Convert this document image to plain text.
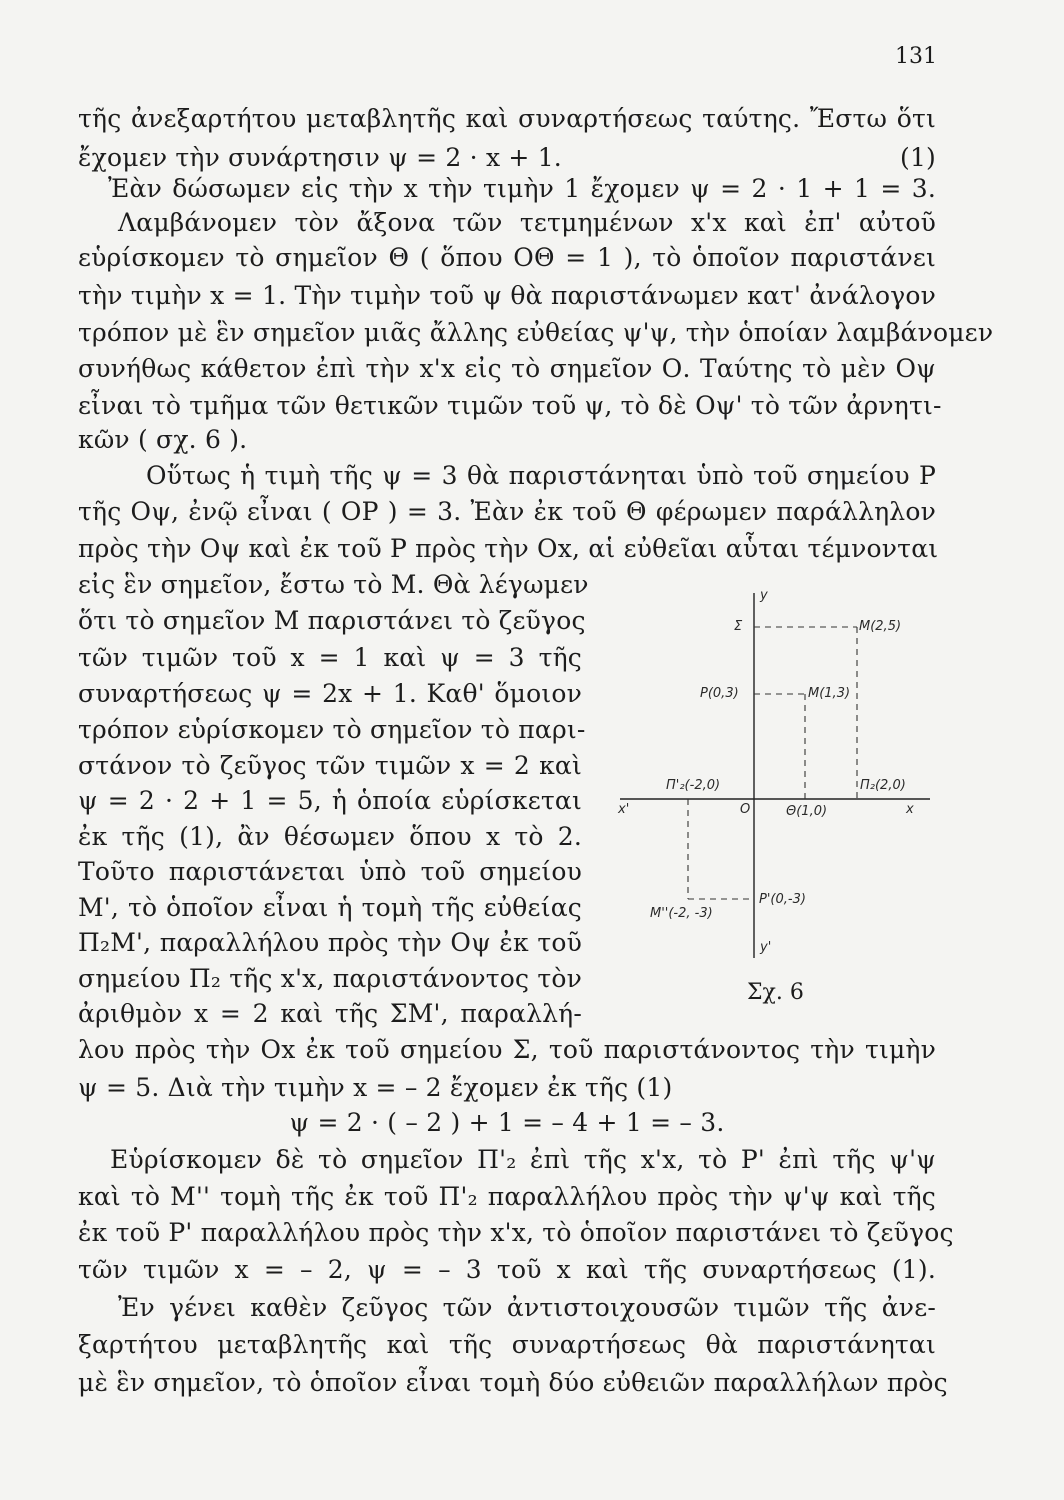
131
τῆς ἀνεξαρτήτου μεταβλητῆς καὶ συναρτήσεως ταύτης. Ἔστω ὅτι
ἔχομεν τὴν συνάρτησιν ψ = 2 · x + 1.	(1)
Ἐὰν δώσωμεν εἰς τὴν x τὴν τιμὴν 1 ἔχομεν ψ = 2 · 1 + 1 = 3.
Λαμβάνομεν τὸν ἄξονα τῶν τετμημένων x'x καὶ ἐπ' αὐτοῦ
εὑρίσκομεν τὸ σημεῖον Θ ( ὅπου ΟΘ = 1 ), τὸ ὁποῖον παριστάνει
τὴν τιμὴν x = 1. Τὴν τιμὴν τοῦ ψ θὰ παριστάνωμεν κατ' ἀνάλογον
τρόπον μὲ ἓν σημεῖον μιᾶς ἄλλης εὐθείας ψ'ψ, τὴν ὁποίαν λαμβάνομεν
συνήθως κάθετον ἐπὶ τὴν x'x εἰς τὸ σημεῖον Ο. Ταύτης τὸ μὲν Οψ
εἶναι τὸ τμῆμα τῶν θετικῶν τιμῶν τοῦ ψ, τὸ δὲ Οψ' τὸ τῶν ἀρνητι-
κῶν ( σχ. 6 ).
Οὕτως ἡ τιμὴ τῆς ψ = 3 θὰ παριστάνηται ὑπὸ τοῦ σημείου Ρ
τῆς Οψ, ἐνῷ εἶναι ( ΟΡ ) = 3. Ἐὰν ἐκ τοῦ Θ φέρωμεν παράλληλον
πρὸς τὴν Οψ καὶ ἐκ τοῦ Ρ πρὸς τὴν Οx, αἱ εὐθεῖαι αὗται τέμνονται
εἰς ἓν σημεῖον, ἔστω τὸ Μ. Θὰ λέγωμεν
ὅτι τὸ σημεῖον Μ παριστάνει τὸ ζεῦγος
τῶν τιμῶν τοῦ x = 1 καὶ ψ = 3 τῆς
συναρτήσεως ψ = 2x + 1. Καθ' ὅμοιον
τρόπον εὑρίσκομεν τὸ σημεῖον τὸ παρι-
στάνον τὸ ζεῦγος τῶν τιμῶν x = 2 καὶ
ψ = 2 · 2 + 1 = 5, ἡ ὁποία εὑρίσκεται
ἐκ τῆς (1), ἂν θέσωμεν ὅπου x τὸ 2.
Τοῦτο παριστάνεται ὑπὸ τοῦ σημείου
Μ', τὸ ὁποῖον εἶναι ἡ τομὴ τῆς εὐθείας
Π₂Μ', παραλλήλου πρὸς τὴν Οψ ἐκ τοῦ
σημείου Π₂ τῆς x'x, παριστάνοντος τὸν
ἀριθμὸν x = 2 καὶ τῆς ΣΜ', παραλλή-
λου πρὸς τὴν Οx ἐκ τοῦ σημείου Σ, τοῦ παριστάνοντος τὴν τιμὴν
ψ = 5. Διὰ τὴν τιμὴν x = – 2 ἔχομεν ἐκ τῆς (1)
ψ = 2 · ( – 2 ) + 1 = – 4 + 1 = – 3.
Εὑρίσκομεν δὲ τὸ σημεῖον Π'₂ ἐπὶ τῆς x'x, τὸ Ρ' ἐπὶ τῆς ψ'ψ
καὶ τὸ Μ'' τομὴ τῆς ἐκ τοῦ Π'₂ παραλλήλου πρὸς τὴν ψ'ψ καὶ τῆς
ἐκ τοῦ Ρ' παραλλήλου πρὸς τὴν x'x, τὸ ὁποῖον παριστάνει τὸ ζεῦγος
τῶν τιμῶν x = – 2, ψ = – 3 τοῦ x καὶ τῆς συναρτήσεως (1).
Ἐν γένει καθὲν ζεῦγος τῶν ἀντιστοιχουσῶν τιμῶν τῆς ἀνε-
ξαρτήτου μεταβλητῆς καὶ τῆς συναρτήσεως θὰ παριστάνηται
μὲ ἓν σημεῖον, τὸ ὁποῖον εἶναι τομὴ δύο εὐθειῶν παραλλήλων πρὸς
y
Σ	M(2,5)
P(0,3)	M(1,3)
Π'₂(-2,0)	Π₂(2,0)
x'	O	Θ(1,0)	x
P'(0,-3)
M''(-2, -3)
y'
Σχ. 6
